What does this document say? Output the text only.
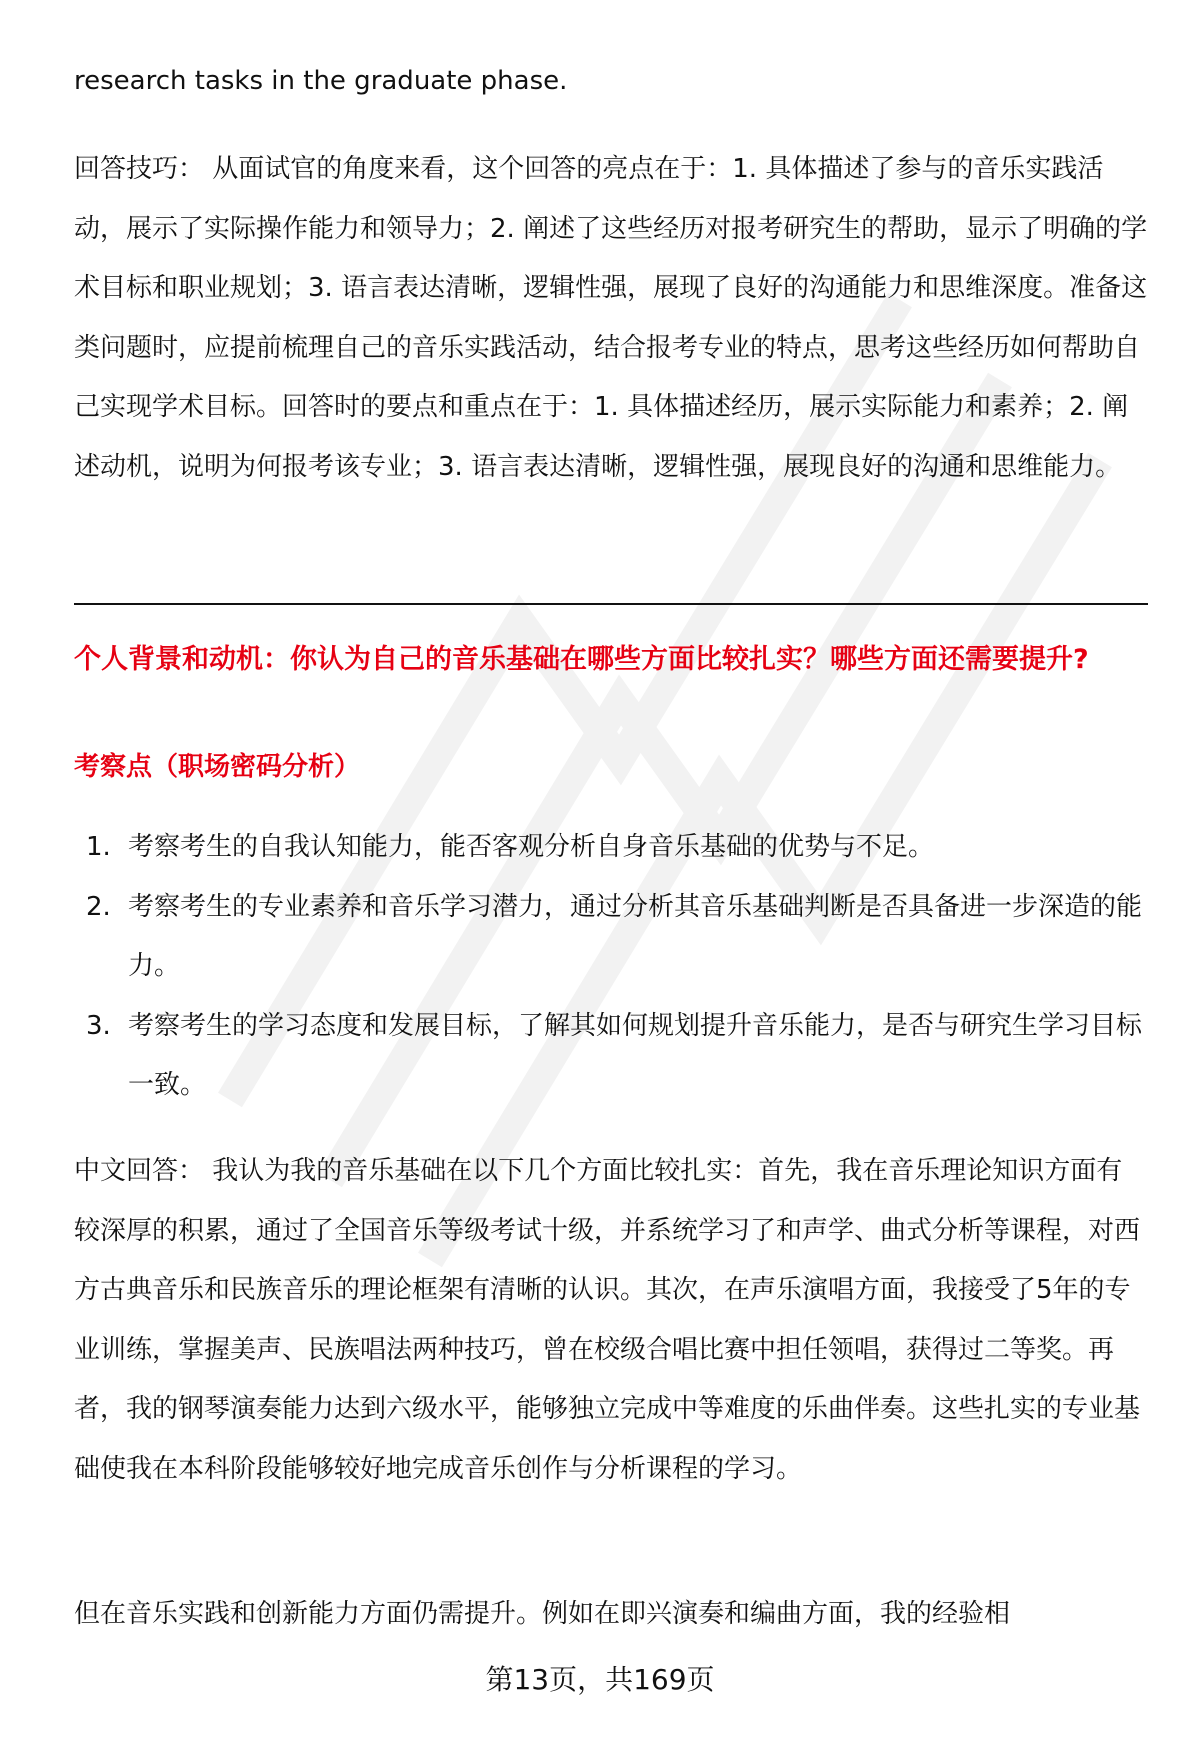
research tasks in the graduate phase.

回答技巧： 从面试官的角度来看，这个回答的亮点在于：1. 具体描述了参与的音乐实践活动，展示了实际操作能力和领导力；2. 阐述了这些经历对报考研究生的帮助，显示了明确的学术目标和职业规划；3. 语言表达清晰，逻辑性强，展现了良好的沟通能力和思维深度。准备这类问题时，应提前梳理自己的音乐实践活动，结合报考专业的特点，思考这些经历如何帮助自己实现学术目标。回答时的要点和重点在于：1. 具体描述经历，展示实际能力和素养；2. 阐述动机，说明为何报考该专业；3. 语言表达清晰，逻辑性强，展现良好的沟通和思维能力。

个人背景和动机：你认为自己的音乐基础在哪些方面比较扎实？哪些方面还需要提升?

考察点（职场密码分析）

1. 考察考生的自我认知能力，能否客观分析自身音乐基础的优势与不足。
2. 考察考生的专业素养和音乐学习潜力，通过分析其音乐基础判断是否具备进一步深造的能力。
3. 考察考生的学习态度和发展目标，了解其如何规划提升音乐能力，是否与研究生学习目标一致。

中文回答： 我认为我的音乐基础在以下几个方面比较扎实：首先，我在音乐理论知识方面有较深厚的积累，通过了全国音乐等级考试十级，并系统学习了和声学、曲式分析等课程，对西方古典音乐和民族音乐的理论框架有清晰的认识。其次，在声乐演唱方面，我接受了5年的专业训练，掌握美声、民族唱法两种技巧，曾在校级合唱比赛中担任领唱，获得过二等奖。再者，我的钢琴演奏能力达到六级水平，能够独立完成中等难度的乐曲伴奏。这些扎实的专业基础使我在本科阶段能够较好地完成音乐创作与分析课程的学习。

但在音乐实践和创新能力方面仍需提升。例如在即兴演奏和编曲方面，我的经验相

第13页，共169页
